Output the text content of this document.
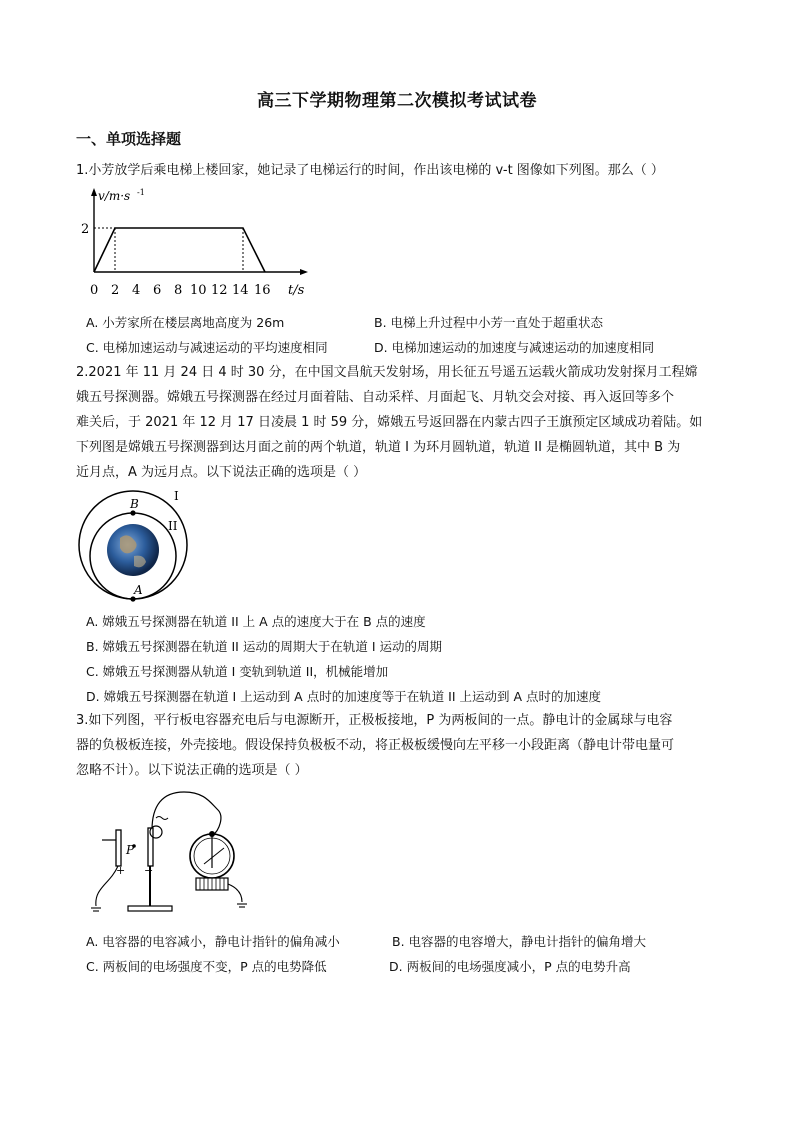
高三下学期物理第二次模拟考试试卷
一、单项选择题
1.小芳放学后乘电梯上楼回家，她记录了电梯运行的时间，作出该电梯的 v-t 图像如下列图。那么（ ）
v/m·s -1
2
0 2 4 6 8 10 12 14 16 t/s
A. 小芳家所在楼层离地高度为 26m	B. 电梯上升过程中小芳一直处于超重状态
C. 电梯加速运动与减速运动的平均速度相同	D. 电梯加速运动的加速度与减速运动的加速度相同
2.2021 年 11 月 24 日 4 时 30 分，在中国文昌航天发射场，用长征五号遥五运载火箭成功发射探月工程嫦
娥五号探测器。嫦娥五号探测器在经过月面着陆、自动采样、月面起飞、月轨交会对接、再入返回等多个
难关后，于 2021 年 12 月 17 日凌晨 1 时 59 分，嫦娥五号返回器在内蒙古四子王旗预定区域成功着陆。如
下列图是嫦娥五号探测器到达月面之前的两个轨道，轨道 I 为环月圆轨道，轨道 II 是椭圆轨道，其中 B 为
近月点，A 为远月点。以下说法正确的选项是（ ）
B
A
I
II
A. 嫦娥五号探测器在轨道 II 上 A 点的速度大于在 B 点的速度
B. 嫦娥五号探测器在轨道 II 运动的周期大于在轨道 I 运动的周期
C. 嫦娥五号探测器从轨道 I 变轨到轨道 II，机械能增加
D. 嫦娥五号探测器在轨道 I 上运动到 A 点时的加速度等于在轨道 II 上运动到 A 点时的加速度
3.如下列图，平行板电容器充电后与电源断开，正极板接地，P 为两板间的一点。静电计的金属球与电容
器的负极板连接，外壳接地。假设保持负极板不动，将正极板缓慢向左平移一小段距离（静电计带电量可
忽略不计）。以下说法正确的选项是（ ）
P
+ −
A. 电容器的电容减小，静电计指针的偏角减小	B. 电容器的电容增大，静电计指针的偏角增大
C. 两板间的电场强度不变，P 点的电势降低	D. 两板间的电场强度减小，P 点的电势升高
